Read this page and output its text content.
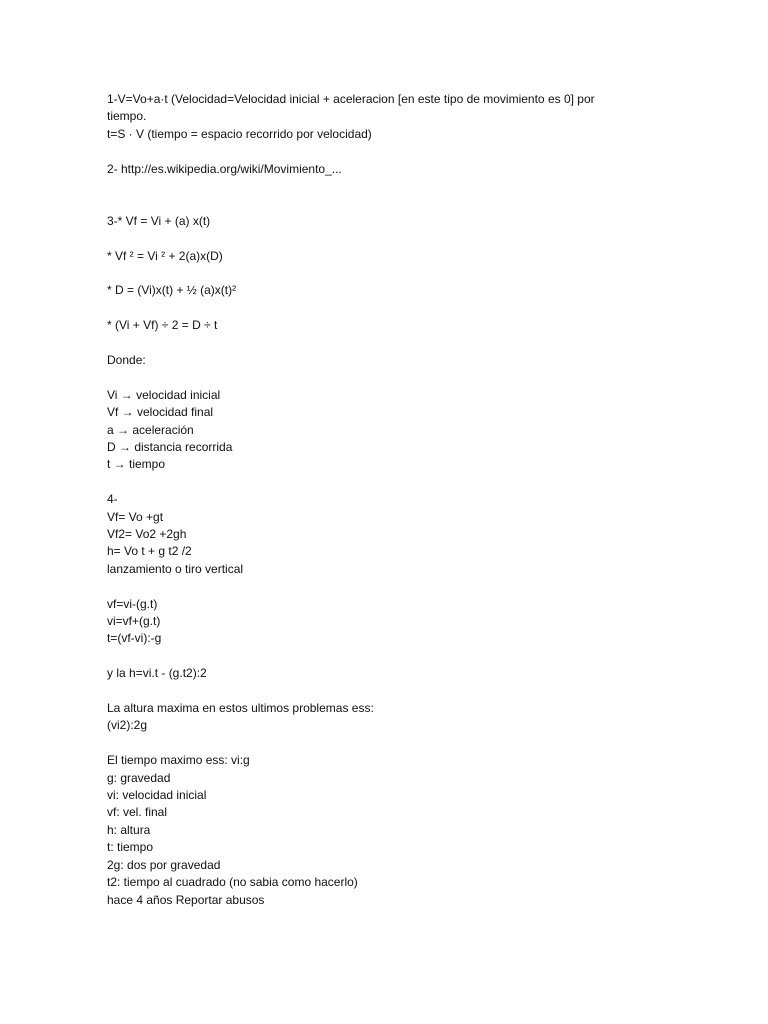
1-V=Vo+a·t (Velocidad=Velocidad inicial + aceleracion [en este tipo de movimiento es 0] por
tiempo.
t=S · V (tiempo = espacio recorrido por velocidad)
2- http://es.wikipedia.org/wiki/Movimiento_...
3-* Vf = Vi + (a) x(t)
* Vf ² = Vi ² + 2(a)x(D)
* D = (Vi)x(t) + ½ (a)x(t)²
* (Vi + Vf) ÷ 2 = D ÷ t
Donde:
Vi → velocidad inicial
Vf → velocidad final
a → aceleración
D → distancia recorrida
t → tiempo
4-
Vf= Vo +gt
Vf2= Vo2 +2gh
h= Vo t + g t2 /2
lanzamiento o tiro vertical
vf=vi-(g.t)
vi=vf+(g.t)
t=(vf-vi):-g
y la h=vi.t - (g.t2):2
La altura maxima en estos ultimos problemas ess:
(vi2):2g
El tiempo maximo ess: vi:g
g: gravedad
vi: velocidad inicial
vf: vel. final
h: altura
t: tiempo
2g: dos por gravedad
t2: tiempo al cuadrado (no sabia como hacerlo)
hace 4 años Reportar abusos
